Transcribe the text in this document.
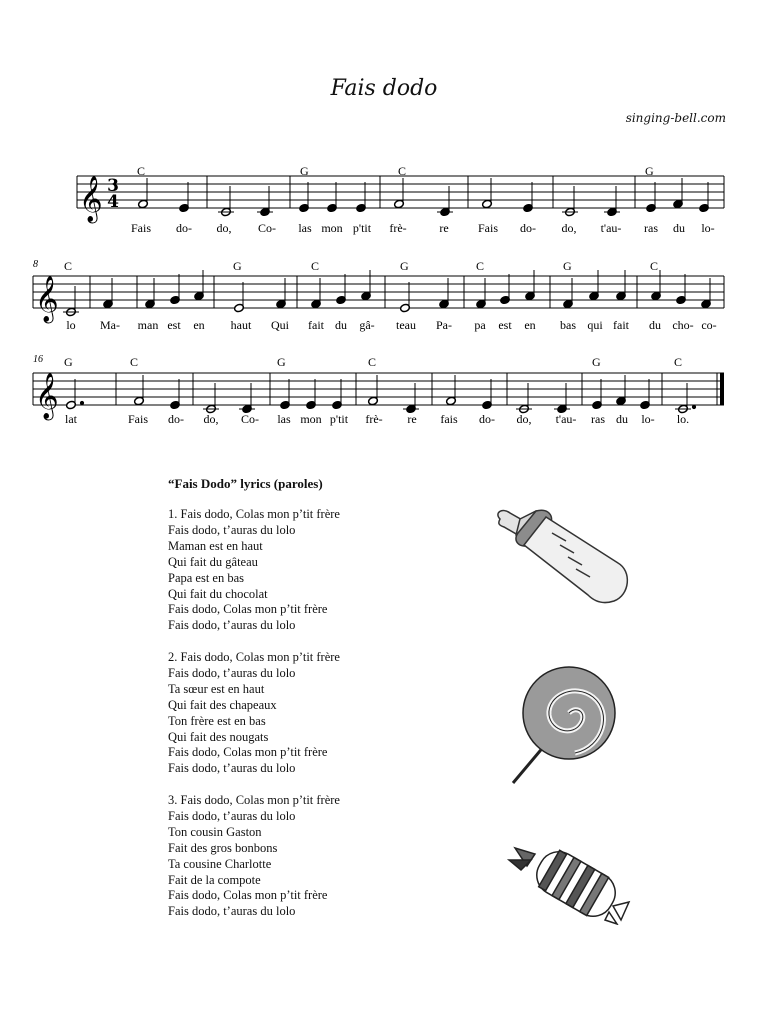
Fais dodo
singing-bell.com
𝄞
𝄞
𝄞
3
4
8
16
C	G	C	G
C	G	C	G	C	G	C
G	C	G	C	G	C
Fais do- do, Co- las mon p'tit frè-	re Fais do- do, t'au- ras du lo-
lo Ma- man est en haut Qui fait du gâ- teau Pa- pa est en bas qui fait du cho- co-
lat	Fais do- do, Co- las mon p'tit frè- re fais do- do, t'au- ras du lo- lo.
“Fais Dodo” lyrics (paroles)
1. Fais dodo, Colas mon p’tit frère
Fais dodo, t’auras du lolo
Maman est en haut
Qui fait du gâteau
Papa est en bas
Qui fait du chocolat
Fais dodo, Colas mon p’tit frère
Fais dodo, t’auras du lolo
2. Fais dodo, Colas mon p’tit frère
Fais dodo, t’auras du lolo
Ta sœur est en haut
Qui fait des chapeaux
Ton frère est en bas
Qui fait des nougats
Fais dodo, Colas mon p’tit frère
Fais dodo, t’auras du lolo
3. Fais dodo, Colas mon p’tit frère
Fais dodo, t’auras du lolo
Ton cousin Gaston
Fait des gros bonbons
Ta cousine Charlotte
Fait de la compote
Fais dodo, Colas mon p’tit frère
Fais dodo, t’auras du lolo
